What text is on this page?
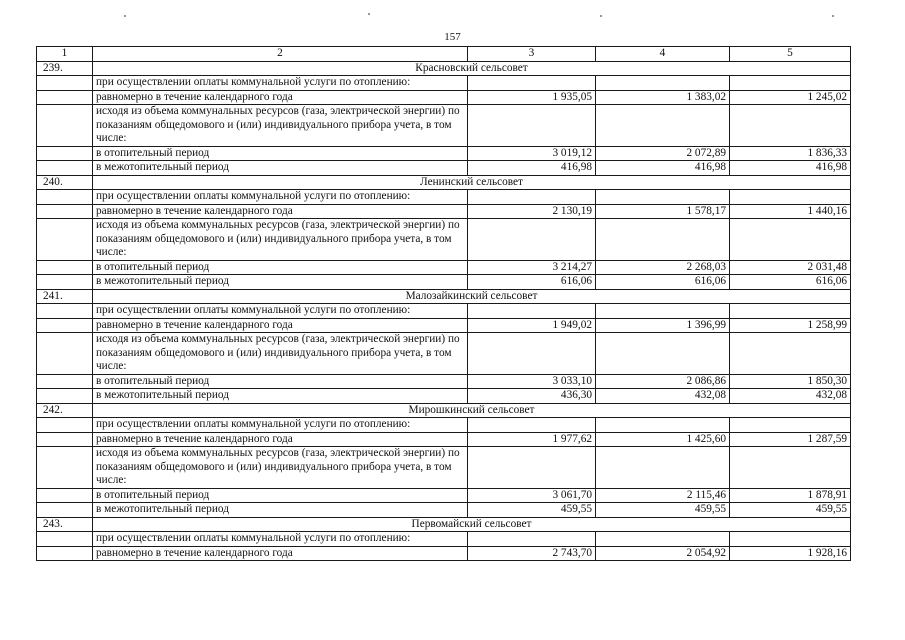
157
1	2	3	4	5
239.	Красновский сельсовет			
	при осуществлении оплаты коммунальной услуги по отоплению:			
	равномерно в течение календарного года	1 935,05	1 383,02	1 245,02
	исходя из объема коммунальных ресурсов (газа, электрической энергии) по показаниям общедомового и (или) индивидуального прибора учета, в том числе:			
	в отопительный период	3 019,12	2 072,89	1 836,33
	в межотопительный период	416,98	416,98	416,98
240.	Ленинский сельсовет			
	при осуществлении оплаты коммунальной услуги по отоплению:			
	равномерно в течение календарного года	2 130,19	1 578,17	1 440,16
	исходя из объема коммунальных ресурсов (газа, электрической энергии) по показаниям общедомового и (или) индивидуального прибора учета, в том числе:			
	в отопительный период	3 214,27	2 268,03	2 031,48
	в межотопительный период	616,06	616,06	616,06
241.	Малозайкинский сельсовет			
	при осуществлении оплаты коммунальной услуги по отоплению:			
	равномерно в течение календарного года	1 949,02	1 396,99	1 258,99
	исходя из объема коммунальных ресурсов (газа, электрической энергии) по показаниям общедомового и (или) индивидуального прибора учета, в том числе:			
	в отопительный период	3 033,10	2 086,86	1 850,30
	в межотопительный период	436,30	432,08	432,08
242.	Мирошкинский сельсовет			
	при осуществлении оплаты коммунальной услуги по отоплению:			
	равномерно в течение календарного года	1 977,62	1 425,60	1 287,59
	исходя из объема коммунальных ресурсов (газа, электрической энергии) по показаниям общедомового и (или) индивидуального прибора учета, в том числе:			
	в отопительный период	3 061,70	2 115,46	1 878,91
	в межотопительный период	459,55	459,55	459,55
243.	Первомайский сельсовет			
	при осуществлении оплаты коммунальной услуги по отоплению:			
	равномерно в течение календарного года	2 743,70	2 054,92	1 928,16
